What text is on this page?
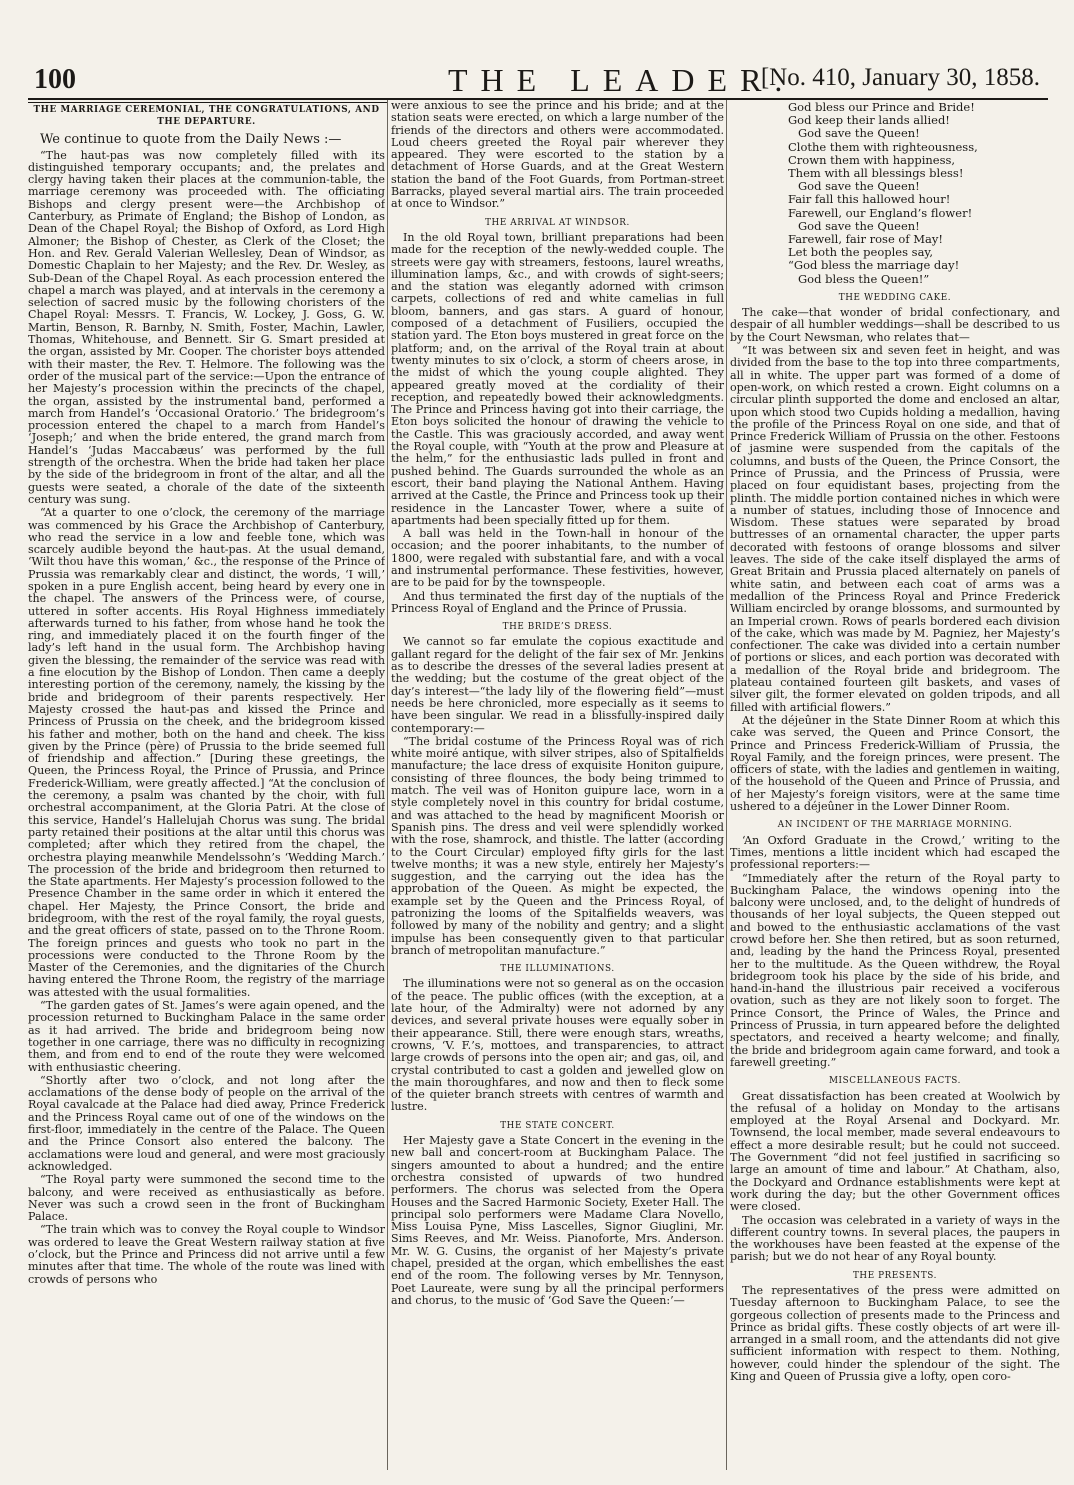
100	THE LEADER.
[No. 410, January 30, 1858.
THE MARRIAGE CEREMONIAL, THE CONGRATULATIONS, AND THE DEPARTURE.

We continue to quote from the Daily News :—

“The haut-pas was now completely filled with its distinguished temporary occupants; and, the prelates and clergy having taken their places at the communion-table, the marriage ceremony was proceeded with. The officiating Bishops and clergy present were—the Archbishop of Canterbury, as Primate of England; the Bishop of London, as Dean of the Chapel Royal; the Bishop of Oxford, as Lord High Almoner; the Bishop of Chester, as Clerk of the Closet; the Hon. and Rev. Gerald Valerian Wellesley, Dean of Windsor, as Domestic Chaplain to her Majesty; and the Rev. Dr. Wesley, as Sub-Dean of the Chapel Royal. As each procession entered the chapel a march was played, and at intervals in the ceremony a selection of sacred music by the following choristers of the Chapel Royal: Messrs. T. Francis, W. Lockey, J. Goss, G. W. Martin, Benson, R. Barnby, N. Smith, Foster, Machin, Lawler, Thomas, Whitehouse, and Bennett. Sir G. Smart presided at the organ, assisted by Mr. Cooper. The chorister boys attended with their master, the Rev. T. Helmore. The following was the order of the musical part of the service:—Upon the entrance of her Majesty’s procession within the precincts of the chapel, the organ, assisted by the instrumental band, performed a march from Handel’s ‘Occasional Oratorio.’ The bridegroom’s procession entered the chapel to a march from Handel’s ‘Joseph;’ and when the bride entered, the grand march from Handel’s ‘Judas Maccabæus’ was performed by the full strength of the orchestra. When the bride had taken her place by the side of the bridegroom in front of the altar, and all the guests were seated, a chorale of the date of the sixteenth century was sung.

“At a quarter to one o’clock, the ceremony of the marriage was commenced by his Grace the Archbishop of Canterbury, who read the service in a low and feeble tone, which was scarcely audible beyond the haut-pas. At the usual demand, ‘Wilt thou have this woman,’ &c., the response of the Prince of Prussia was remarkably clear and distinct, the words, ‘I will,’ spoken in a pure English accent, being heard by every one in the chapel. The answers of the Princess were, of course, uttered in softer accents. His Royal Highness immediately afterwards turned to his father, from whose hand he took the ring, and immediately placed it on the fourth finger of the lady’s left hand in the usual form. The Archbishop having given the blessing, the remainder of the service was read with a fine elocution by the Bishop of London. Then came a deeply interesting portion of the ceremony, namely, the kissing by the bride and bridegroom of their parents respectively. Her Majesty crossed the haut-pas and kissed the Prince and Princess of Prussia on the cheek, and the bridegroom kissed his father and mother, both on the hand and cheek. The kiss given by the Prince (père) of Prussia to the bride seemed full of friendship and affection.” [During these greetings, the Queen, the Princess Royal, the Prince of Prussia, and Prince Frederick-William, were greatly affected.] “At the conclusion of the ceremony, a psalm was chanted by the choir, with full orchestral accompaniment, at the Gloria Patri. At the close of this service, Handel’s Hallelujah Chorus was sung. The bridal party retained their positions at the altar until this chorus was completed; after which they retired from the chapel, the orchestra playing meanwhile Mendelssohn’s ‘Wedding March.’ The procession of the bride and bridegroom then returned to the State apartments. Her Majesty’s procession followed to the Presence Chamber in the same order in which it entered the chapel. Her Majesty, the Prince Consort, the bride and bridegroom, with the rest of the royal family, the royal guests, and the great officers of state, passed on to the Throne Room. The foreign princes and guests who took no part in the processions were conducted to the Throne Room by the Master of the Ceremonies, and the dignitaries of the Church having entered the Throne Room, the registry of the marriage was attested with the usual formalities.

“The garden gates of St. James’s were again opened, and the procession returned to Buckingham Palace in the same order as it had arrived. The bride and bridegroom being now together in one carriage, there was no difficulty in recognizing them, and from end to end of the route they were welcomed with enthusiastic cheering.

“Shortly after two o’clock, and not long after the acclamations of the dense body of people on the arrival of the Royal cavalcade at the Palace had died away, Prince Frederick and the Princess Royal came out of one of the windows on the first-floor, immediately in the centre of the Palace. The Queen and the Prince Consort also entered the balcony. The acclamations were loud and general, and were most graciously acknowledged.

“The Royal party were summoned the second time to the balcony, and were received as enthusiastically as before. Never was such a crowd seen in the front of Buckingham Palace.

“The train which was to convey the Royal couple to Windsor was ordered to leave the Great Western railway station at five o’clock, but the Prince and Princess did not arrive until a few minutes after that time. The whole of the route was lined with crowds of persons who

were anxious to see the prince and his bride; and at the station seats were erected, on which a large number of the friends of the directors and others were accommodated. Loud cheers greeted the Royal pair wherever they appeared. They were escorted to the station by a detachment of Horse Guards, and at the Great Western station the band of the Foot Guards, from Portman-street Barracks, played several martial airs. The train proceeded at once to Windsor.”

THE ARRIVAL AT WINDSOR.

In the old Royal town, brilliant preparations had been made for the reception of the newly-wedded couple. The streets were gay with streamers, festoons, laurel wreaths, illumination lamps, &c., and with crowds of sight-seers; and the station was elegantly adorned with crimson carpets, collections of red and white camelias in full bloom, banners, and gas stars. A guard of honour, composed of a detachment of Fusiliers, occupied the station yard. The Eton boys mustered in great force on the platform; and, on the arrival of the Royal train at about twenty minutes to six o’clock, a storm of cheers arose, in the midst of which the young couple alighted. They appeared greatly moved at the cordiality of their reception, and repeatedly bowed their acknowledgments. The Prince and Princess having got into their carriage, the Eton boys solicited the honour of drawing the vehicle to the Castle. This was graciously accorded, and away went the Royal couple, with “Youth at the prow and Pleasure at the helm,” for the enthusiastic lads pulled in front and pushed behind. The Guards surrounded the whole as an escort, their band playing the National Anthem. Having arrived at the Castle, the Prince and Princess took up their residence in the Lancaster Tower, where a suite of apartments had been specially fitted up for them.

A ball was held in the Town-hall in honour of the occasion; and the poorer inhabitants, to the number of 1800, were regaled with substantial fare, and with a vocal and instrumental performance. These festivities, however, are to be paid for by the townspeople.

And thus terminated the first day of the nuptials of the Princess Royal of England and the Prince of Prussia.

THE BRIDE’S DRESS.

We cannot so far emulate the copious exactitude and gallant regard for the delight of the fair sex of Mr. Jenkins as to describe the dresses of the several ladies present at the wedding; but the costume of the great object of the day’s interest—“the lady lily of the flowering field”—must needs be here chronicled, more especially as it seems to have been singular. We read in a blissfully-inspired daily contemporary:—

“The bridal costume of the Princess Royal was of rich white moiré antique, with silver stripes, also of Spitalfields manufacture; the lace dress of exquisite Honiton guipure, consisting of three flounces, the body being trimmed to match. The veil was of Honiton guipure lace, worn in a style completely novel in this country for bridal costume, and was attached to the head by magnificent Moorish or Spanish pins. The dress and veil were splendidly worked with the rose, shamrock, and thistle. The latter (according to the Court Circular) employed fifty girls for the last twelve months; it was a new style, entirely her Majesty’s suggestion, and the carrying out the idea has the approbation of the Queen. As might be expected, the example set by the Queen and the Princess Royal, of patronizing the looms of the Spitalfields weavers, was followed by many of the nobility and gentry; and a slight impulse has been consequently given to that particular branch of metropolitan manufacture.”

THE ILLUMINATIONS.

The illuminations were not so general as on the occasion of the peace. The public offices (with the exception, at a late hour, of the Admiralty) were not adorned by any devices, and several private houses were equally sober in their appearance. Still, there were enough stars, wreaths, crowns, ‘V. F.’s, mottoes, and transparencies, to attract large crowds of persons into the open air; and gas, oil, and crystal contributed to cast a golden and jewelled glow on the main thoroughfares, and now and then to fleck some of the quieter branch streets with centres of warmth and lustre.

THE STATE CONCERT.

Her Majesty gave a State Concert in the evening in the new ball and concert-room at Buckingham Palace. The singers amounted to about a hundred; and the entire orchestra consisted of upwards of two hundred performers. The chorus was selected from the Opera Houses and the Sacred Harmonic Society, Exeter Hall. The principal solo performers were Madame Clara Novello, Miss Louisa Pyne, Miss Lascelles, Signor Giuglini, Mr. Sims Reeves, and Mr. Weiss. Pianoforte, Mrs. Anderson. Mr. W. G. Cusins, the organist of her Majesty’s private chapel, presided at the organ, which embellishes the east end of the room. The following verses by Mr. Tennyson, Poet Laureate, were sung by all the principal performers and chorus, to the music of ‘God Save the Queen:’—

God bless our Prince and Bride!
God keep their lands allied!
God save the Queen!
Clothe them with righteousness,
Crown them with happiness,
Them with all blessings bless!
God save the Queen!
Fair fall this hallowed hour!
Farewell, our England’s flower!
God save the Queen!
Farewell, fair rose of May!
Let both the peoples say,
“God bless the marriage day!
God bless the Queen!”
THE WEDDING CAKE.

The cake—that wonder of bridal confectionary, and despair of all humbler weddings—shall be described to us by the Court Newsman, who relates that—

“It was between six and seven feet in height, and was divided from the base to the top into three compartments, all in white. The upper part was formed of a dome of open-work, on which rested a crown. Eight columns on a circular plinth supported the dome and enclosed an altar, upon which stood two Cupids holding a medallion, having the profile of the Princess Royal on one side, and that of Prince Frederick William of Prussia on the other. Festoons of jasmine were suspended from the capitals of the columns, and busts of the Queen, the Prince Consort, the Prince of Prussia, and the Princess of Prussia, were placed on four equidistant bases, projecting from the plinth. The middle portion contained niches in which were a number of statues, including those of Innocence and Wisdom. These statues were separated by broad buttresses of an ornamental character, the upper parts decorated with festoons of orange blossoms and silver leaves. The side of the cake itself displayed the arms of Great Britain and Prussia placed alternately on panels of white satin, and between each coat of arms was a medallion of the Princess Royal and Prince Frederick William encircled by orange blossoms, and surmounted by an Imperial crown. Rows of pearls bordered each division of the cake, which was made by M. Pagniez, her Majesty’s confectioner. The cake was divided into a certain number of portions or slices, and each portion was decorated with a medallion of the Royal bride and bridegroom. The plateau contained fourteen gilt baskets, and vases of silver gilt, the former elevated on golden tripods, and all filled with artificial flowers.”

At the déjeûner in the State Dinner Room at which this cake was served, the Queen and Prince Consort, the Prince and Princess Frederick-William of Prussia, the Royal Family, and the foreign princes, were present. The officers of state, with the ladies and gentlemen in waiting, of the household of the Queen and Prince of Prussia, and of her Majesty’s foreign visitors, were at the same time ushered to a déjeûner in the Lower Dinner Room.

AN INCIDENT OF THE MARRIAGE MORNING.

‘An Oxford Graduate in the Crowd,’ writing to the Times, mentions a little incident which had escaped the professional reporters:—

“Immediately after the return of the Royal party to Buckingham Palace, the windows opening into the balcony were unclosed, and, to the delight of hundreds of thousands of her loyal subjects, the Queen stepped out and bowed to the enthusiastic acclamations of the vast crowd before her. She then retired, but as soon returned, and, leading by the hand the Princess Royal, presented her to the multitude. As the Queen withdrew, the Royal bridegroom took his place by the side of his bride, and hand-in-hand the illustrious pair received a vociferous ovation, such as they are not likely soon to forget. The Prince Consort, the Prince of Wales, the Prince and Princess of Prussia, in turn appeared before the delighted spectators, and received a hearty welcome; and finally, the bride and bridegroom again came forward, and took a farewell greeting.”

MISCELLANEOUS FACTS.

Great dissatisfaction has been created at Woolwich by the refusal of a holiday on Monday to the artisans employed at the Royal Arsenal and Dockyard. Mr. Townsend, the local member, made several endeavours to effect a more desirable result; but he could not succeed. The Government “did not feel justified in sacrificing so large an amount of time and labour.” At Chatham, also, the Dockyard and Ordnance establishments were kept at work during the day; but the other Government offices were closed.

The occasion was celebrated in a variety of ways in the different country towns. In several places, the paupers in the workhouses have been feasted at the expense of the parish; but we do not hear of any Royal bounty.

THE PRESENTS.

The representatives of the press were admitted on Tuesday afternoon to Buckingham Palace, to see the gorgeous collection of presents made to the Princess and Prince as bridal gifts. These costly objects of art were ill-arranged in a small room, and the attendants did not give sufficient information with respect to them. Nothing, however, could hinder the splendour of the sight. The King and Queen of Prussia give a lofty, open coro-
